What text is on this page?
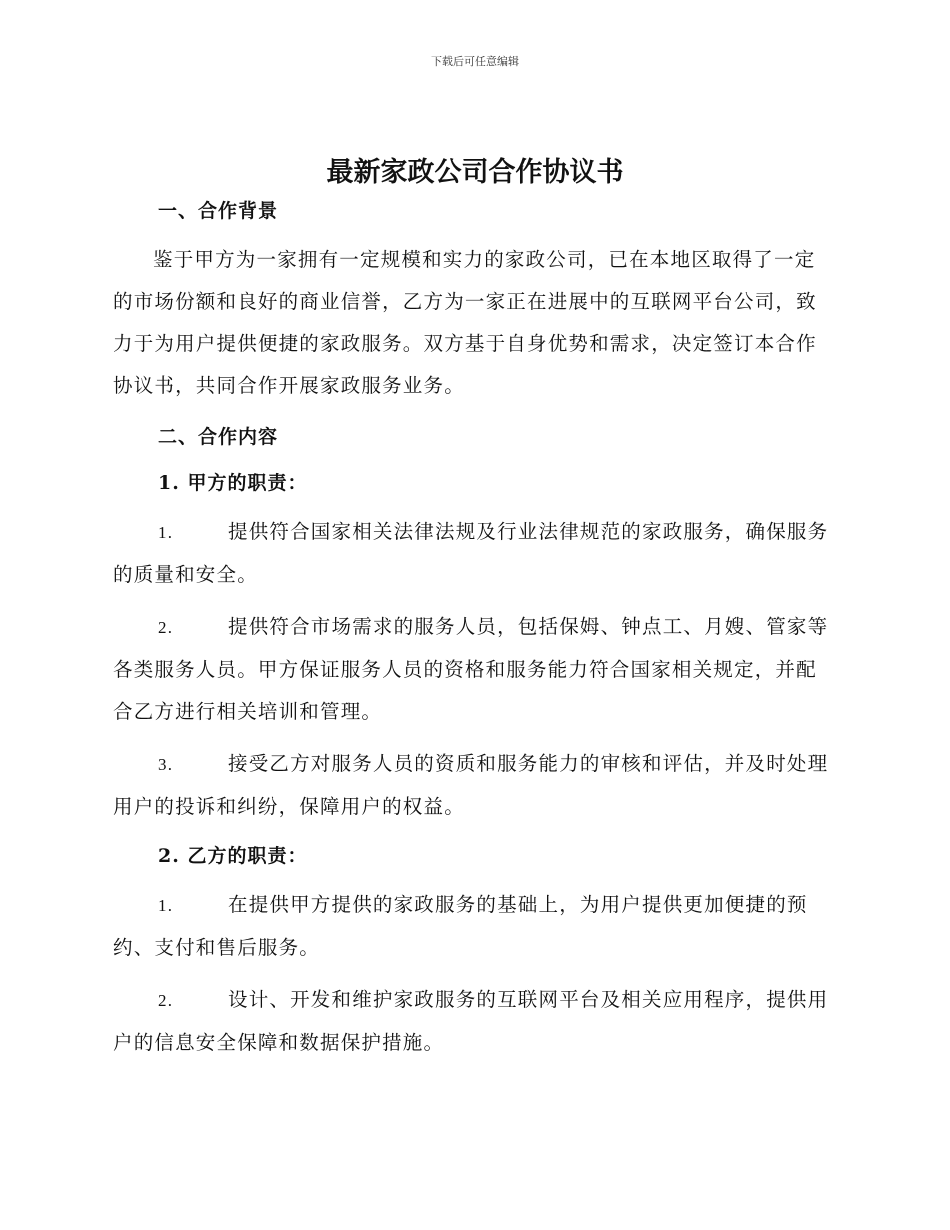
下载后可任意编辑
最新家政公司合作协议书

一、合作背景

鉴于甲方为一家拥有一定规模和实力的家政公司，已在本地区取得了一定的市场份额和良好的商业信誉，乙方为一家正在进展中的互联网平台公司，致力于为用户提供便捷的家政服务。双方基于自身优势和需求，决定签订本合作协议书，共同合作开展家政服务业务。

二、合作内容

1. 甲方的职责：

1.	提供符合国家相关法律法规及行业法律规范的家政服务，确保服务的质量和安全。

2.	提供符合市场需求的服务人员，包括保姆、钟点工、月嫂、管家等各类服务人员。甲方保证服务人员的资格和服务能力符合国家相关规定，并配合乙方进行相关培训和管理。

3.	接受乙方对服务人员的资质和服务能力的审核和评估，并及时处理用户的投诉和纠纷，保障用户的权益。

2. 乙方的职责：

1.	在提供甲方提供的家政服务的基础上，为用户提供更加便捷的预约、支付和售后服务。

2.	设计、开发和维护家政服务的互联网平台及相关应用程序，提供用户的信息安全保障和数据保护措施。
